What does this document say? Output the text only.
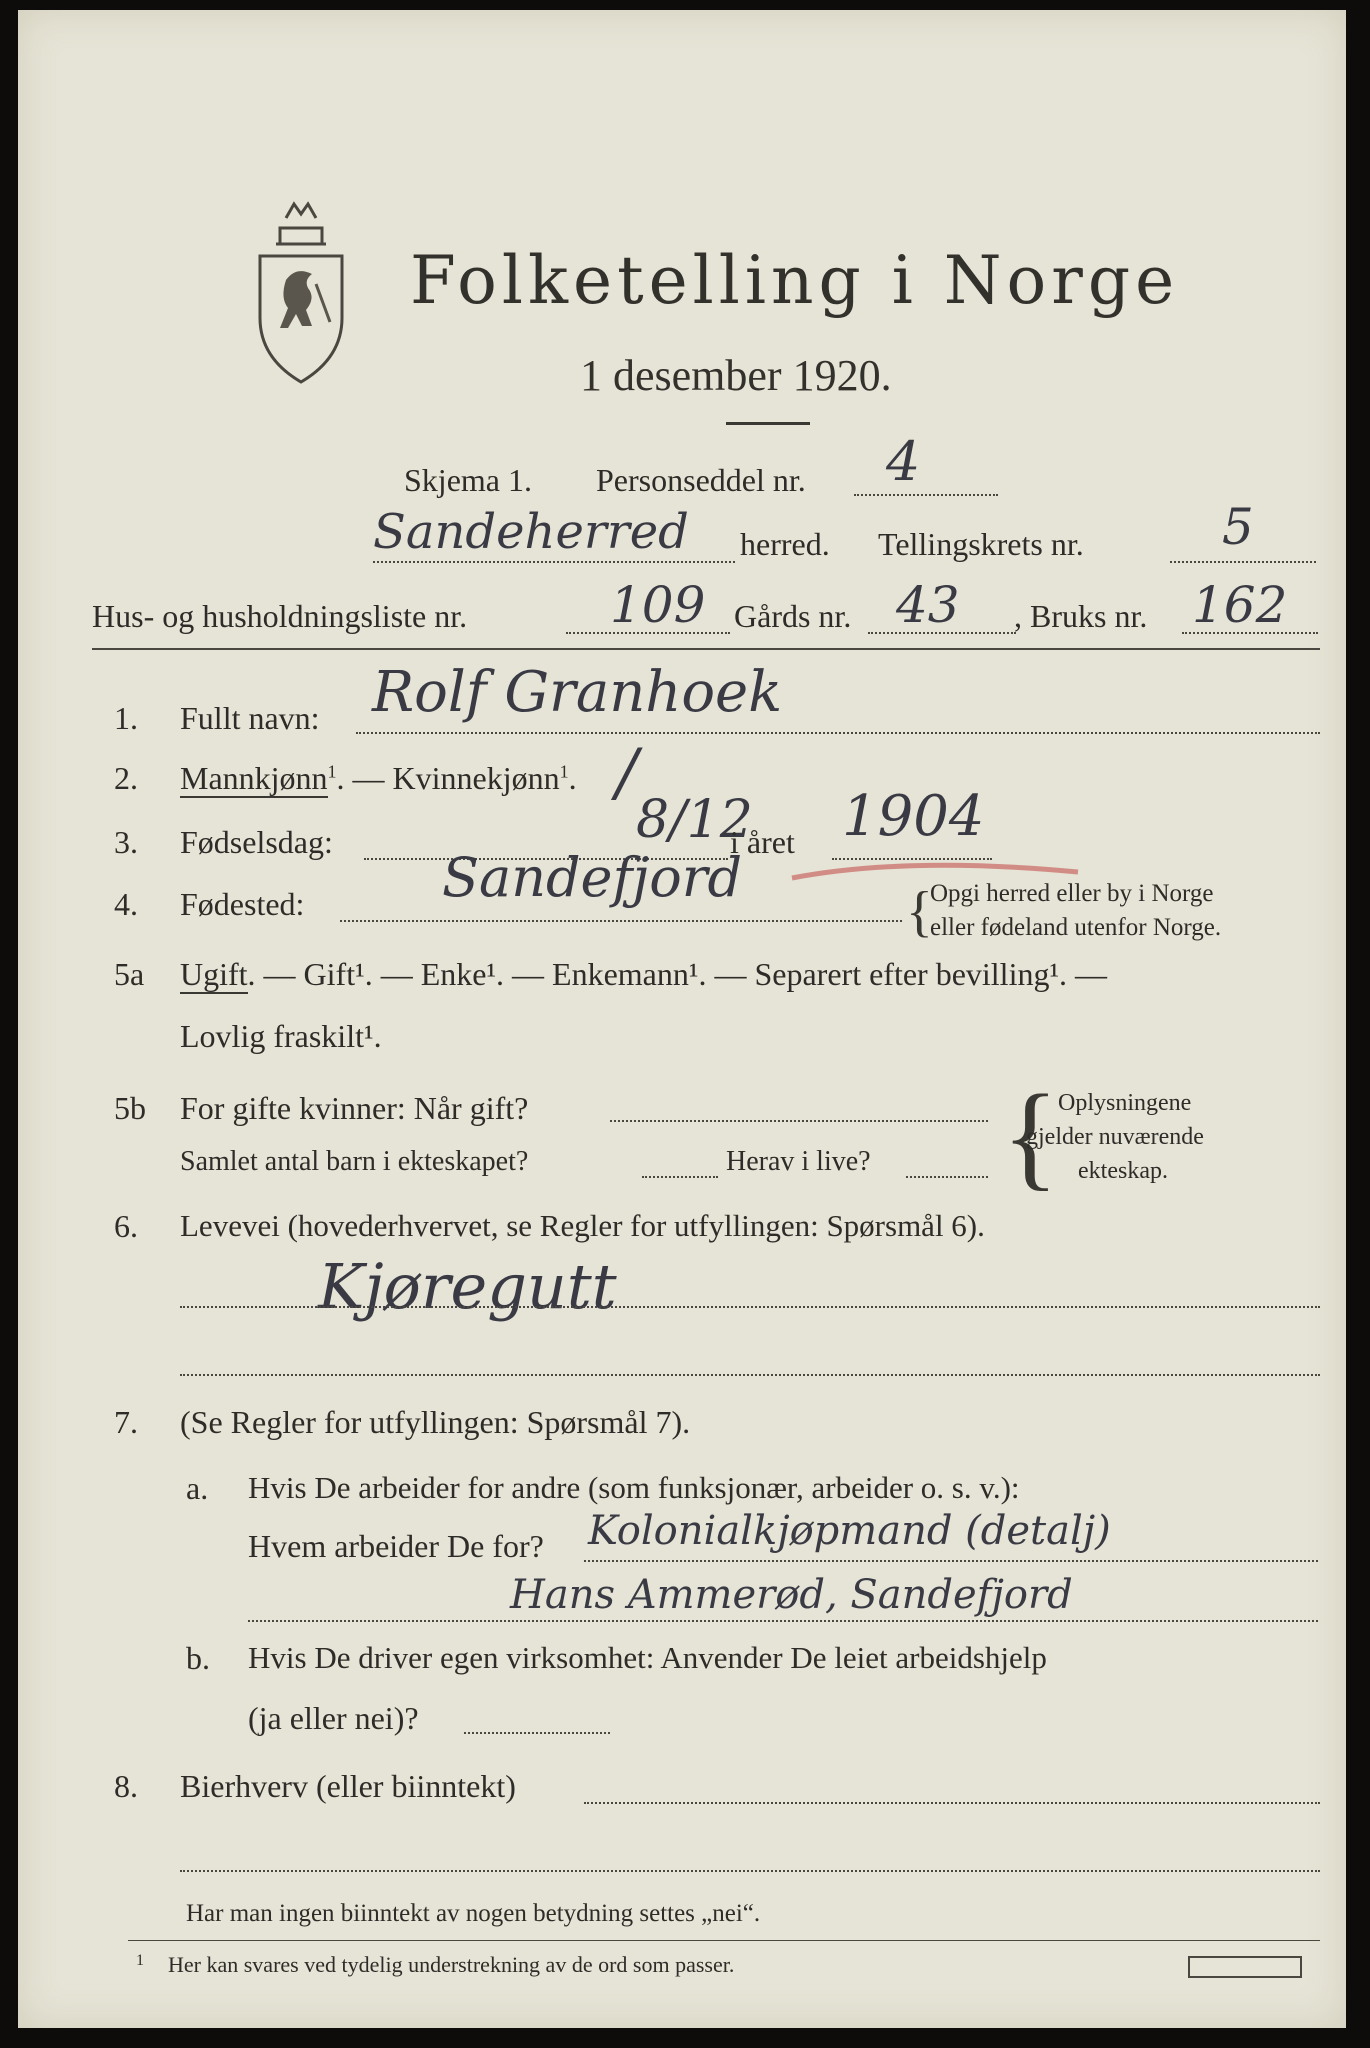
Folketelling i Norge
1 desember 1920.
Skjema 1. Personseddel nr. 4
Sandeherred herred. Tellingskrets nr.	5
Hus- og husholdningsliste nr.	109 Gårds nr. 43 , Bruks nr. 162
1. Fullt navn: Rolf Granhoek
2. Mannkjønn$^1$. — Kvinnekjønn$^1$. /
3. Fødselsdag:	8/12
i året 1904
4. Fødested:	Sandefjord
{
Opgi herred eller by i Norge
eller fødeland utenfor Norge.
5a Ugift. — Gift¹. — Enke¹. — Enkemann¹. — Separert efter bevilling¹. —
Lovlig fraskilt¹.
5b For gifte kvinner: Når gift?
Samlet antal barn i ekteskapet?	Herav i live? { Oplysningene
gjelder nuværende
ekteskap.
6. Levevei (hovederhvervet, se Regler for utfyllingen: Spørsmål 6).
Kjøregutt
7. (Se Regler for utfyllingen: Spørsmål 7).
a. Hvis De arbeider for andre (som funksjonær, arbeider o. s. v.):
Hvem arbeider De for? Kolonialkjøpmand (detalj)
Hans Ammerød, Sandefjord
b. Hvis De driver egen virksomhet: Anvender De leiet arbeidshjelp
(ja eller nei)?
8. Bierhverv (eller biinntekt)
Har man ingen biinntekt av nogen betydning settes „nei“.
1 Her kan svares ved tydelig understrekning av de ord som passer.
